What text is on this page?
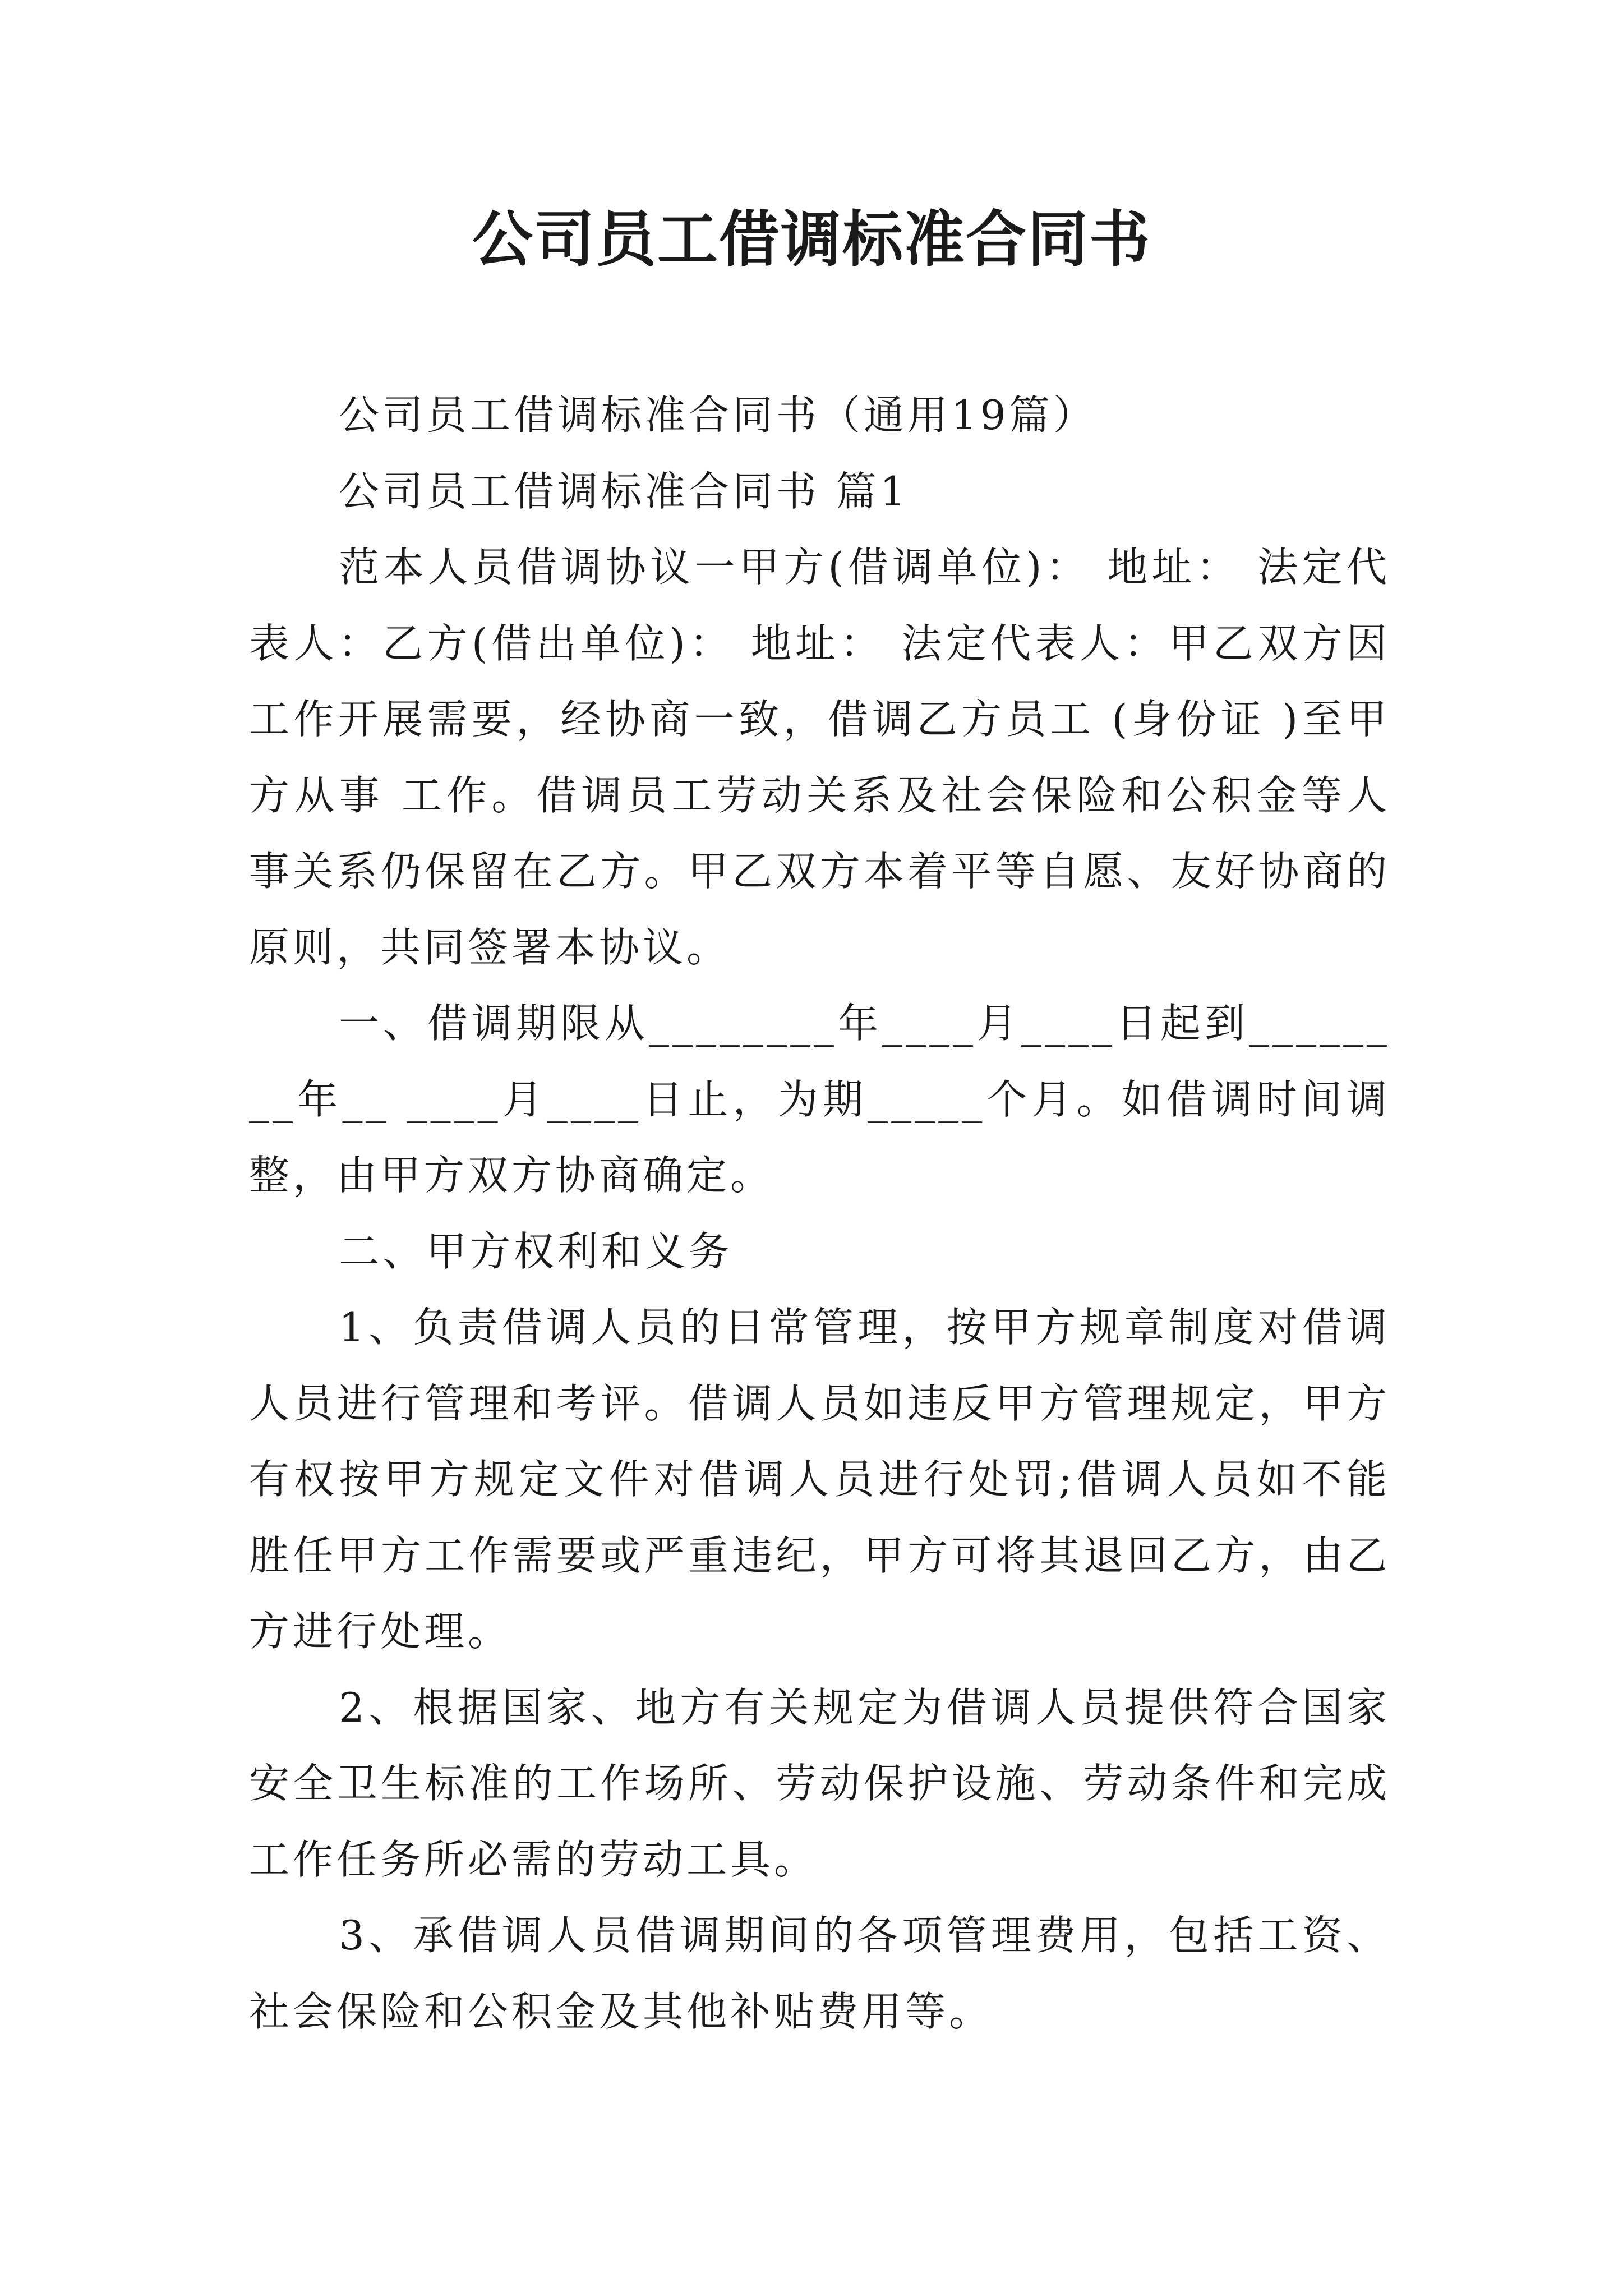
公司员工借调标准合同书

公司员工借调标准合同书（通用19篇）

公司员工借调标准合同书 篇1

范本人员借调协议一甲方(借调单位)： 地址： 法定代表人：乙方(借出单位)： 地址： 法定代表人：甲乙双方因工作开展需要，经协商一致，借调乙方员工 (身份证 )至甲方从事 工作。借调员工劳动关系及社会保险和公积金等人事关系仍保留在乙方。甲乙双方本着平等自愿、友好协商的原则，共同签署本协议。

一、借调期限从________年____月____日起到________年__ ____月____日止，为期_____个月。如借调时间调整，由甲方双方协商确定。

二、甲方权利和义务

1、负责借调人员的日常管理，按甲方规章制度对借调人员进行管理和考评。借调人员如违反甲方管理规定，甲方有权按甲方规定文件对借调人员进行处罚;借调人员如不能胜任甲方工作需要或严重违纪，甲方可将其退回乙方，由乙方进行处理。

2、根据国家、地方有关规定为借调人员提供符合国家安全卫生标准的工作场所、劳动保护设施、劳动条件和完成工作任务所必需的劳动工具。

3、承借调人员借调期间的各项管理费用，包括工资、社会保险和公积金及其他补贴费用等。
